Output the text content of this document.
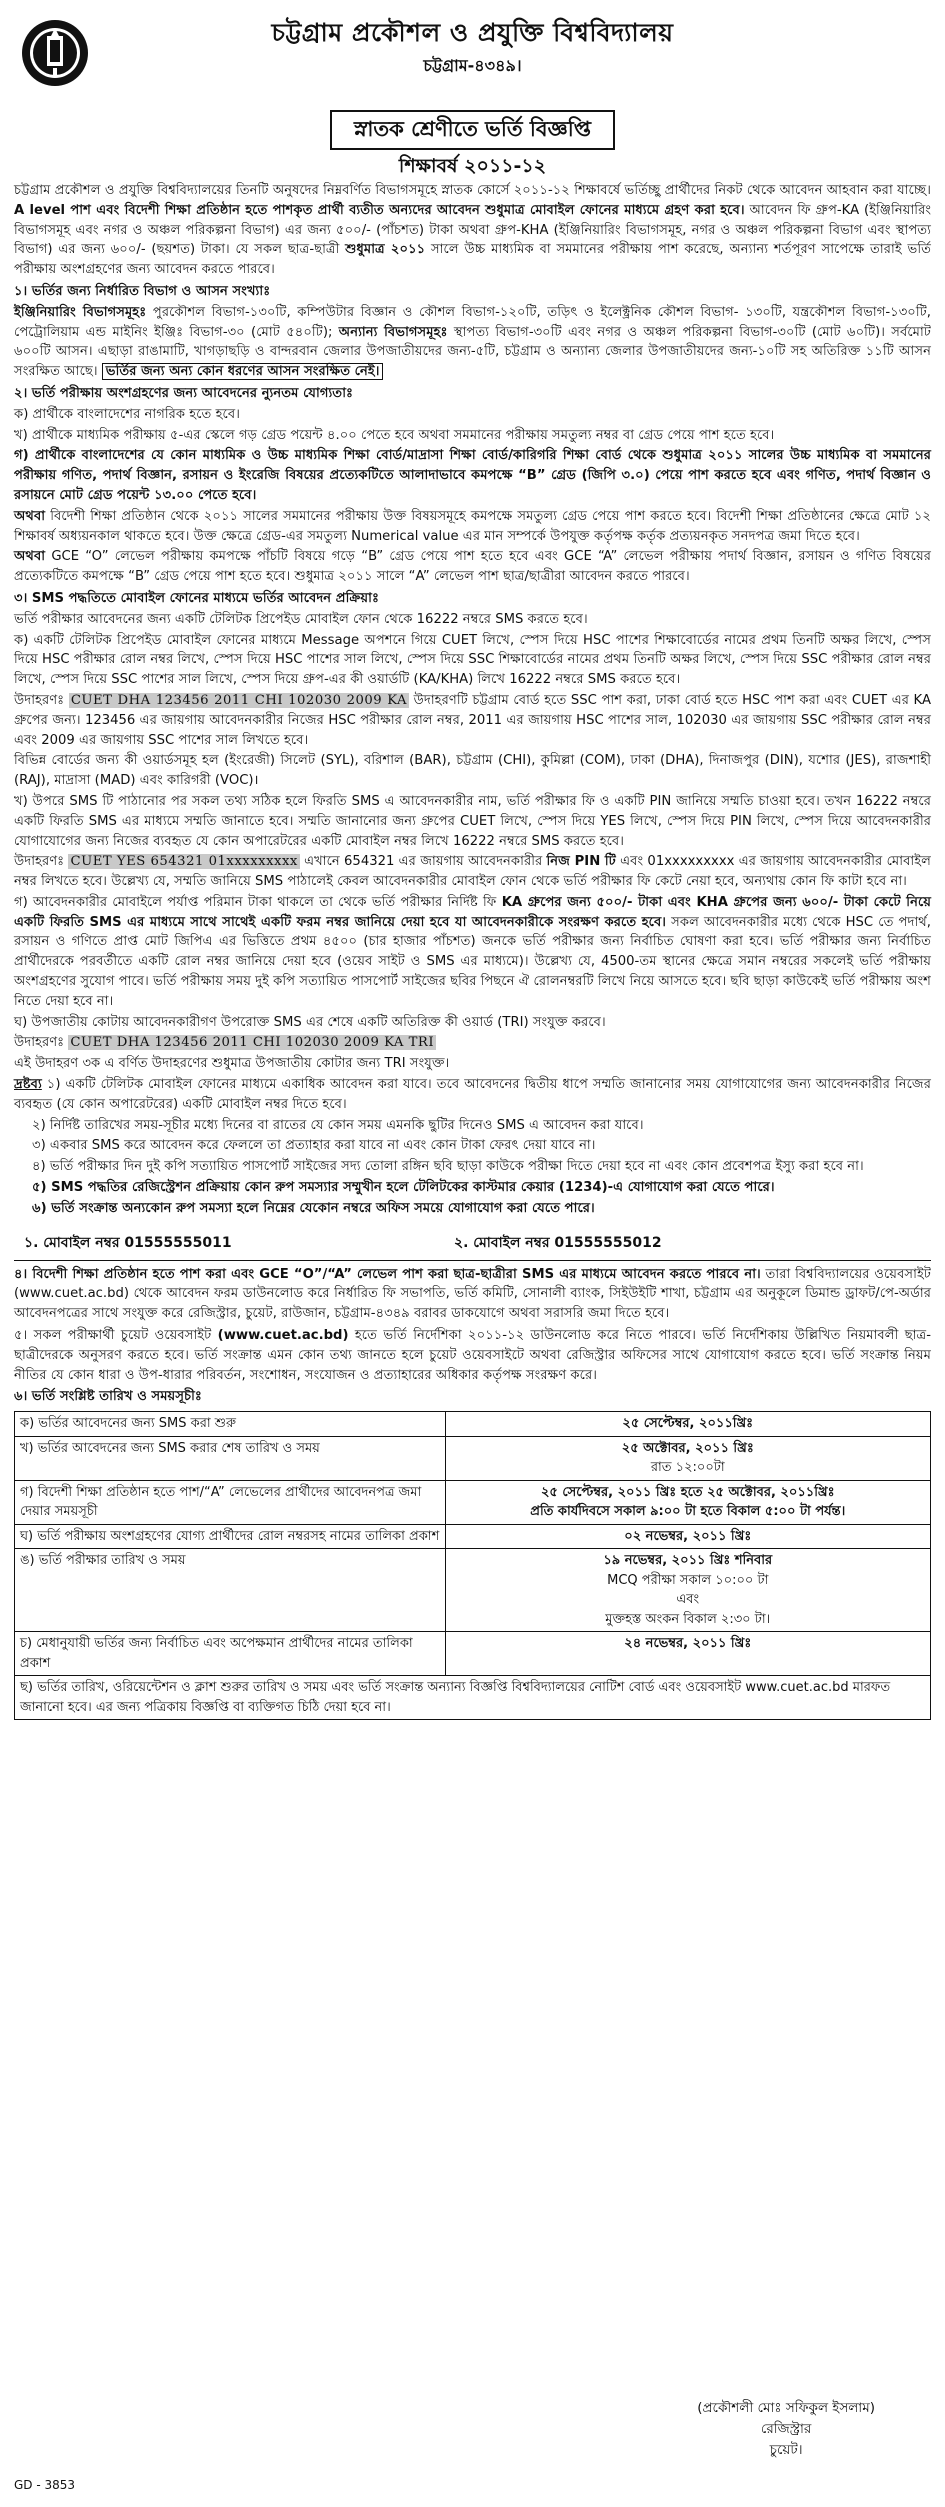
চট্টগ্রাম প্রকৌশল ও প্রযুক্তি বিশ্ববিদ্যালয়
চট্টগ্রাম-৪৩৪৯।
স্নাতক শ্রেণীতে ভর্তি বিজ্ঞপ্তি
শিক্ষাবর্ষ ২০১১-১২

চট্টগ্রাম প্রকৌশল ও প্রযুক্তি বিশ্ববিদ্যালয়ের তিনটি অনুষদের নিম্নবর্ণিত বিভাগসমূহে স্নাতক কোর্সে ২০১১-১২ শিক্ষাবর্ষে ভর্তিচ্ছু প্রার্থীদের নিকট থেকে আবেদন আহবান করা যাচ্ছে। A level পাশ এবং বিদেশী শিক্ষা প্রতিষ্ঠান হতে পাশকৃত প্রার্থী ব্যতীত অন্যদের আবেদন শুধুমাত্র মোবাইল ফোনের মাধ্যমে গ্রহণ করা হবে। আবেদন ফি গ্রুপ-KA (ইঞ্জিনিয়ারিং বিভাগসমূহ এবং নগর ও অঞ্চল পরিকল্পনা বিভাগ) এর জন্য ৫০০/- (পাঁচশত) টাকা অথবা গ্রুপ-KHA (ইঞ্জিনিয়ারিং বিভাগসমূহ, নগর ও অঞ্চল পরিকল্পনা বিভাগ এবং স্থাপত্য বিভাগ) এর জন্য ৬০০/- (ছয়শত) টাকা। যে সকল ছাত্র-ছাত্রী শুধুমাত্র ২০১১ সালে উচ্চ মাধ্যমিক বা সমমানের পরীক্ষায় পাশ করেছে, অন্যান্য শর্তপূরণ সাপেক্ষে তারাই ভর্তি পরীক্ষায় অংশগ্রহণের জন্য আবেদন করতে পারবে।

১। ভর্তির জন্য নির্ধারিত বিভাগ ও আসন সংখ্যাঃ

ইঞ্জিনিয়ারিং বিভাগসমূহঃ পুরকৌশল বিভাগ-১৩০টি, কম্পিউটার বিজ্ঞান ও কৌশল বিভাগ-১২০টি, তড়িৎ ও ইলেক্ট্রনিক কৌশল বিভাগ- ১৩০টি, যন্ত্রকৌশল বিভাগ-১৩০টি, পেট্রোলিয়াম এন্ড মাইনিং ইঞ্জিঃ বিভাগ-৩০ (মোট ৫৪০টি); অন্যান্য বিভাগসমূহঃ স্থাপত্য বিভাগ-৩০টি এবং নগর ও অঞ্চল পরিকল্পনা বিভাগ-৩০টি (মোট ৬০টি)। সর্বমোট ৬০০টি আসন। এছাড়া রাঙামাটি, খাগড়াছড়ি ও বান্দরবান জেলার উপজাতীয়দের জন্য-৫টি, চট্টগ্রাম ও অন্যান্য জেলার উপজাতীয়দের জন্য-১০টি সহ অতিরিক্ত ১১টি আসন সংরক্ষিত আছে। ভর্তির জন্য অন্য কোন ধরণের আসন সংরক্ষিত নেই।

২। ভর্তি পরীক্ষায় অংশগ্রহণের জন্য আবেদনের ন্যুনতম যোগ্যতাঃ

ক) প্রার্থীকে বাংলাদেশের নাগরিক হতে হবে।

খ) প্রার্থীকে মাধ্যমিক পরীক্ষায় ৫-এর স্কেলে গড় গ্রেড পয়েন্ট ৪.০০ পেতে হবে অথবা সমমানের পরীক্ষায় সমতুল্য নম্বর বা গ্রেড পেয়ে পাশ হতে হবে।

গ) প্রার্থীকে বাংলাদেশের যে কোন মাধ্যমিক ও উচ্চ মাধ্যমিক শিক্ষা বোর্ড/মাদ্রাসা শিক্ষা বোর্ড/কারিগরি শিক্ষা বোর্ড থেকে শুধুমাত্র ২০১১ সালের উচ্চ মাধ্যমিক বা সমমানের পরীক্ষায় গণিত, পদার্থ বিজ্ঞান, রসায়ন ও ইংরেজি বিষয়ের প্রত্যেকটিতে আলাদাভাবে কমপক্ষে “B” গ্রেড (জিপি ৩.০) পেয়ে পাশ করতে হবে এবং গণিত, পদার্থ বিজ্ঞান ও রসায়নে মোট গ্রেড পয়েন্ট ১৩.০০ পেতে হবে।

অথবা বিদেশী শিক্ষা প্রতিষ্ঠান থেকে ২০১১ সালের সমমানের পরীক্ষায় উক্ত বিষয়সমূহে কমপক্ষে সমতুল্য গ্রেড পেয়ে পাশ করতে হবে। বিদেশী শিক্ষা প্রতিষ্ঠানের ক্ষেত্রে মোট ১২ শিক্ষাবর্ষ অধ্যয়নকাল থাকতে হবে। উক্ত ক্ষেত্রে গ্রেড-এর সমতুল্য Numerical value এর মান সম্পর্কে উপযুক্ত কর্তৃপক্ষ কর্তৃক প্রত্যয়নকৃত সনদপত্র জমা দিতে হবে।

অথবা GCE “O” লেভেল পরীক্ষায় কমপক্ষে পাঁচটি বিষয়ে গড়ে “B” গ্রেড পেয়ে পাশ হতে হবে এবং GCE “A” লেভেল পরীক্ষায় পদার্থ বিজ্ঞান, রসায়ন ও গণিত বিষয়ের প্রত্যেকটিতে কমপক্ষে “B” গ্রেড পেয়ে পাশ হতে হবে। শুধুমাত্র ২০১১ সালে “A” লেভেল পাশ ছাত্র/ছাত্রীরা আবেদন করতে পারবে।

৩। SMS পদ্ধতিতে মোবাইল ফোনের মাধ্যমে ভর্তির আবেদন প্রক্রিয়াঃ

ভর্তি পরীক্ষার আবেদনের জন্য একটি টেলিটক প্রিপেইড মোবাইল ফোন থেকে 16222 নম্বরে SMS করতে হবে।

ক) একটি টেলিটক প্রিপেইড মোবাইল ফোনের মাধ্যমে Message অপশনে গিয়ে CUET লিখে, স্পেস দিয়ে HSC পাশের শিক্ষাবোর্ডের নামের প্রথম তিনটি অক্ষর লিখে, স্পেস দিয়ে HSC পরীক্ষার রোল নম্বর লিখে, স্পেস দিয়ে HSC পাশের সাল লিখে, স্পেস দিয়ে SSC শিক্ষাবোর্ডের নামের প্রথম তিনটি অক্ষর লিখে, স্পেস দিয়ে SSC পরীক্ষার রোল নম্বর লিখে, স্পেস দিয়ে SSC পাশের সাল লিখে, স্পেস দিয়ে গ্রুপ-এর কী ওয়ার্ডটি (KA/KHA) লিখে 16222 নম্বরে SMS করতে হবে।

উদাহরণঃ CUET DHA 123456 2011 CHI 102030 2009 KA উদাহরণটি চট্টগ্রাম বোর্ড হতে SSC পাশ করা, ঢাকা বোর্ড হতে HSC পাশ করা এবং CUET এর KA গ্রুপের জন্য। 123456 এর জায়গায় আবেদনকারীর নিজের HSC পরীক্ষার রোল নম্বর, 2011 এর জায়গায় HSC পাশের সাল, 102030 এর জায়গায় SSC পরীক্ষার রোল নম্বর এবং 2009 এর জায়গায় SSC পাশের সাল লিখতে হবে।

বিভিন্ন বোর্ডের জন্য কী ওয়ার্ডসমূহ হল (ইংরেজী) সিলেট (SYL), বরিশাল (BAR), চট্টগ্রাম (CHI), কুমিল্লা (COM), ঢাকা (DHA), দিনাজপুর (DIN), যশোর (JES), রাজশাহী (RAJ), মাদ্রাসা (MAD) এবং কারিগরী (VOC)।

খ) উপরে SMS টি পাঠানোর পর সকল তথ্য সঠিক হলে ফিরতি SMS এ আবেদনকারীর নাম, ভর্তি পরীক্ষার ফি ও একটি PIN জানিয়ে সম্মতি চাওয়া হবে। তখন 16222 নম্বরে একটি ফিরতি SMS এর মাধ্যমে সম্মতি জানাতে হবে। সম্মতি জানানোর জন্য গ্রুপের CUET লিখে, স্পেস দিয়ে YES লিখে, স্পেস দিয়ে PIN লিখে, স্পেস দিয়ে আবেদনকারীর যোগাযোগের জন্য নিজের ব্যবহৃত যে কোন অপারেটরের একটি মোবাইল নম্বর লিখে 16222 নম্বরে SMS করতে হবে।

উদাহরণঃ CUET YES 654321 01xxxxxxxxx এখানে 654321 এর জায়গায় আবেদনকারীর নিজ PIN টি এবং 01xxxxxxxxx এর জায়গায় আবেদনকারীর মোবাইল নম্বর লিখতে হবে। উল্লেখ্য যে, সম্মতি জানিয়ে SMS পাঠালেই কেবল আবেদনকারীর মোবাইল ফোন থেকে ভর্তি পরীক্ষার ফি কেটে নেয়া হবে, অন্যথায় কোন ফি কাটা হবে না।

গ) আবেদনকারীর মোবাইলে পর্যাপ্ত পরিমান টাকা থাকলে তা থেকে ভর্তি পরীক্ষার নির্দিষ্ট ফি KA গ্রুপের জন্য ৫০০/- টাকা এবং KHA গ্রুপের জন্য ৬০০/- টাকা কেটে নিয়ে একটি ফিরতি SMS এর মাধ্যমে সাথে সাথেই একটি ফরম নম্বর জানিয়ে দেয়া হবে যা আবেদনকারীকে সংরক্ষণ করতে হবে। সকল আবেদনকারীর মধ্যে থেকে HSC তে পদার্থ, রসায়ন ও গণিতে প্রাপ্ত মোট জিপিএ এর ভিত্তিতে প্রথম ৪৫০০ (চার হাজার পাঁচশত) জনকে ভর্তি পরীক্ষার জন্য নির্বাচিত ঘোষণা করা হবে। ভর্তি পরীক্ষার জন্য নির্বাচিত প্রার্থীদেরকে পরবর্তীতে একটি রোল নম্বর জানিয়ে দেয়া হবে (ওয়েব সাইট ও SMS এর মাধ্যমে)। উল্লেখ্য যে, 4500-তম স্থানের ক্ষেত্রে সমান নম্বরের সকলেই ভর্তি পরীক্ষায় অংশগ্রহণের সুযোগ পাবে। ভর্তি পরীক্ষায় সময় দুই কপি সত্যায়িত পাসপোর্ট সাইজের ছবির পিছনে ঐ রোলনম্বরটি লিখে নিয়ে আসতে হবে। ছবি ছাড়া কাউকেই ভর্তি পরীক্ষায় অংশ নিতে দেয়া হবে না।

ঘ) উপজাতীয় কোটায় আবেদনকারীগণ উপরোক্ত SMS এর শেষে একটি অতিরিক্ত কী ওয়ার্ড (TRI) সংযুক্ত করবে।

উদাহরণঃ CUET DHA 123456 2011 CHI 102030 2009 KA TRI

এই উদাহরণ ৩ক এ বর্ণিত উদাহরণের শুধুমাত্র উপজাতীয় কোটার জন্য TRI সংযুক্ত।

দ্রষ্টব্য ১) একটি টেলিটক মোবাইল ফোনের মাধ্যমে একাধিক আবেদন করা যাবে। তবে আবেদনের দ্বিতীয় ধাপে সম্মতি জানানোর সময় যোগাযোগের জন্য আবেদনকারীর নিজের ব্যবহৃত (যে কোন অপারেটরের) একটি মোবাইল নম্বর দিতে হবে।

২) নির্দিষ্ট তারিখের সময়-সূচীর মধ্যে দিনের বা রাতের যে কোন সময় এমনকি ছুটির দিনেও SMS এ আবেদন করা যাবে।

৩) একবার SMS করে আবেদন করে ফেললে তা প্রত্যাহার করা যাবে না এবং কোন টাকা ফেরৎ দেয়া যাবে না।

৪) ভর্তি পরীক্ষার দিন দুই কপি সত্যায়িত পাসপোর্ট সাইজের সদ্য তোলা রঙ্গিন ছবি ছাড়া কাউকে পরীক্ষা দিতে দেয়া হবে না এবং কোন প্রবেশপত্র ইস্যু করা হবে না।

৫) SMS পদ্ধতির রেজিস্ট্রেশন প্রক্রিয়ায় কোন রুপ সমস্যার সম্মুখীন হলে টেলিটকের কাস্টমার কেয়ার (1234)-এ যোগাযোগ করা যেতে পারে।

৬) ভর্তি সংক্রান্ত অন্যকোন রুপ সমস্যা হলে নিম্নের যেকোন নম্বরে অফিস সময়ে যোগাযোগ করা যেতে পারে।

১. মোবাইল নম্বর 01555555011	২. মোবাইল নম্বর 01555555012

৪। বিদেশী শিক্ষা প্রতিষ্ঠান হতে পাশ করা এবং GCE “O”/“A” লেভেল পাশ করা ছাত্র-ছাত্রীরা SMS এর মাধ্যমে আবেদন করতে পারবে না। তারা বিশ্ববিদ্যালয়ের ওয়েবসাইট (www.cuet.ac.bd) থেকে আবেদন ফরম ডাউনলোড করে নির্ধারিত ফি সভাপতি, ভর্তি কমিটি, সোনালী ব্যাংক, সিইউইটি শাখা, চট্টগ্রাম এর অনুকূলে ডিমান্ড ড্রাফট/পে-অর্ডার আবেদনপত্রের সাথে সংযুক্ত করে রেজিস্ট্রার, চুয়েট, রাউজান, চট্টগ্রাম-৪৩৪৯ বরাবর ডাকযোগে অথবা সরাসরি জমা দিতে হবে।

৫। সকল পরীক্ষার্থী চুয়েট ওয়েবসাইট (www.cuet.ac.bd) হতে ভর্তি নির্দেশিকা ২০১১-১২ ডাউনলোড করে নিতে পারবে। ভর্তি নির্দেশিকায় উল্লিখিত নিয়মাবলী ছাত্র-ছাত্রীদেরকে অনুসরণ করতে হবে। ভর্তি সংক্রান্ত এমন কোন তথ্য জানতে হলে চুয়েট ওয়েবসাইটে অথবা রেজিস্ট্রার অফিসের সাথে যোগাযোগ করতে হবে। ভর্তি সংক্রান্ত নিয়ম নীতির যে কোন ধারা ও উপ-ধারার পরিবর্তন, সংশোধন, সংযোজন ও প্রত্যাহারের অধিকার কর্তৃপক্ষ সংরক্ষণ করে।

৬। ভর্তি সংশ্লিষ্ট তারিখ ও সময়সূচীঃ

ক) ভর্তির আবেদনের জন্য SMS করা শুরু	২৫ সেপ্টেম্বর, ২০১১খ্রিঃ

খ) ভর্তির আবেদনের জন্য SMS করার শেষ তারিখ ও সময়	২৫ অক্টোবর, ২০১১ খ্রিঃ
রাত ১২:০০টা

গ) বিদেশী শিক্ষা প্রতিষ্ঠান হতে পাশ/“A” লেভেলের প্রার্থীদের আবেদনপত্র জমা দেয়ার সময়সূচী	২৫ সেপ্টেম্বর, ২০১১ খ্রিঃ হতে ২৫ অক্টোবর, ২০১১খ্রিঃ
প্রতি কার্যদিবসে সকাল ৯:০০ টা হতে বিকাল ৫:০০ টা পর্যন্ত।

ঘ) ভর্তি পরীক্ষায় অংশগ্রহণের যোগ্য প্রার্থীদের রোল নম্বরসহ নামের তালিকা প্রকাশ	০২ নভেম্বর, ২০১১ খ্রিঃ

ঙ) ভর্তি পরীক্ষার তারিখ ও সময়	১৯ নভেম্বর, ২০১১ খ্রিঃ শনিবার
MCQ পরীক্ষা সকাল ১০:০০ টা
এবং
মুক্তহস্ত অংকন বিকাল ২:৩০ টা।

চ) মেধানুযায়ী ভর্তির জন্য নির্বাচিত এবং অপেক্ষমান প্রার্থীদের নামের তালিকা প্রকাশ	২৪ নভেম্বর, ২০১১ খ্রিঃ

ছ) ভর্তির তারিখ, ওরিয়েন্টেশন ও ক্লাশ শুরুর তারিখ ও সময় এবং ভর্তি সংক্রান্ত অন্যান্য বিজ্ঞপ্তি বিশ্ববিদ্যালয়ের নোটিশ বোর্ড এবং ওয়েবসাইট www.cuet.ac.bd মারফত জানানো হবে। এর জন্য পত্রিকায় বিজ্ঞপ্তি বা ব্যক্তিগত চিঠি দেয়া হবে না।	
(প্রকৌশলী মোঃ সফিকুল ইসলাম)
রেজিস্ট্রার
চুয়েট।
GD - 3853
